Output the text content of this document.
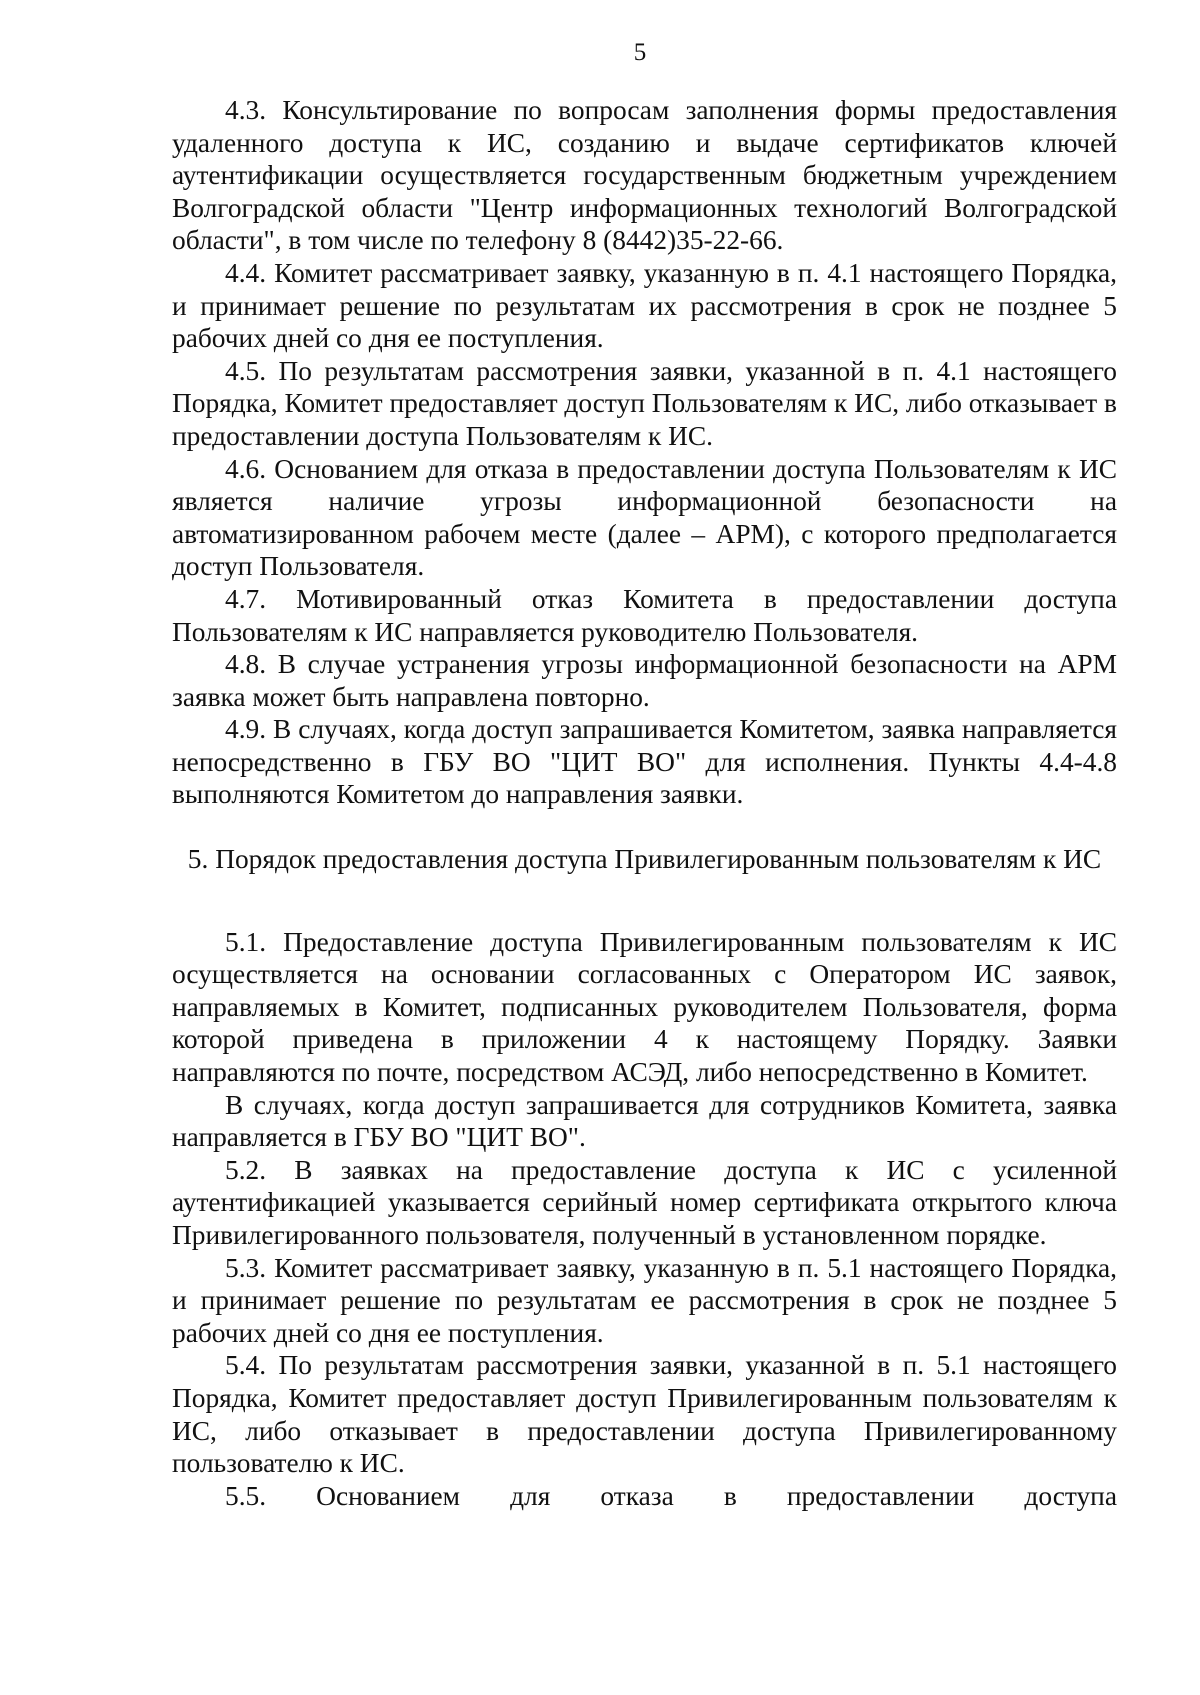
5

4.3. Консультирование по вопросам заполнения формы предоставления удаленного доступа к ИС, созданию и выдаче сертификатов ключей аутентификации осуществляется государственным бюджетным учреждением Волгоградской области "Центр информационных технологий Волгоградской области", в том числе по телефону 8 (8442)35-22-66.

4.4. Комитет рассматривает заявку, указанную в п. 4.1 настоящего Порядка, и принимает решение по результатам их рассмотрения в срок не позднее 5 рабочих дней со дня ее поступления.

4.5. По результатам рассмотрения заявки, указанной в п. 4.1 настоящего Порядка, Комитет предоставляет доступ Пользователям к ИС, либо отказывает в предоставлении доступа Пользователям к ИС.

4.6. Основанием для отказа в предоставлении доступа Пользователям к ИС является наличие угрозы информационной безопасности на автоматизированном рабочем месте (далее – АРМ), с которого предполагается доступ Пользователя.

4.7. Мотивированный отказ Комитета в предоставлении доступа Пользователям к ИС направляется руководителю Пользователя.

4.8. В случае устранения угрозы информационной безопасности на АРМ заявка может быть направлена повторно.

4.9. В случаях, когда доступ запрашивается Комитетом, заявка направляется непосредственно в ГБУ ВО "ЦИТ ВО" для исполнения. Пункты 4.4-4.8 выполняются Комитетом до направления заявки.

5. Порядок предоставления доступа Привилегированным пользователям к ИС

5.1. Предоставление доступа Привилегированным пользователям к ИС осуществляется на основании согласованных с Оператором ИС заявок, направляемых в Комитет, подписанных руководителем Пользователя, форма которой приведена в приложении 4 к настоящему Порядку. Заявки направляются по почте, посредством АСЭД, либо непосредственно в Комитет.

В случаях, когда доступ запрашивается для сотрудников Комитета, заявка направляется в ГБУ ВО "ЦИТ ВО".

5.2. В заявках на предоставление доступа к ИС с усиленной аутентификацией указывается серийный номер сертификата открытого ключа Привилегированного пользователя, полученный в установленном порядке.

5.3. Комитет рассматривает заявку, указанную в п. 5.1 настоящего Порядка, и принимает решение по результатам ее рассмотрения в срок не позднее 5 рабочих дней со дня ее поступления.

5.4. По результатам рассмотрения заявки, указанной в п. 5.1 настоящего Порядка, Комитет предоставляет доступ Привилегированным пользователям к ИС, либо отказывает в предоставлении доступа Привилегированному пользователю к ИС.

5.5. Основанием для отказа в предоставлении доступа
